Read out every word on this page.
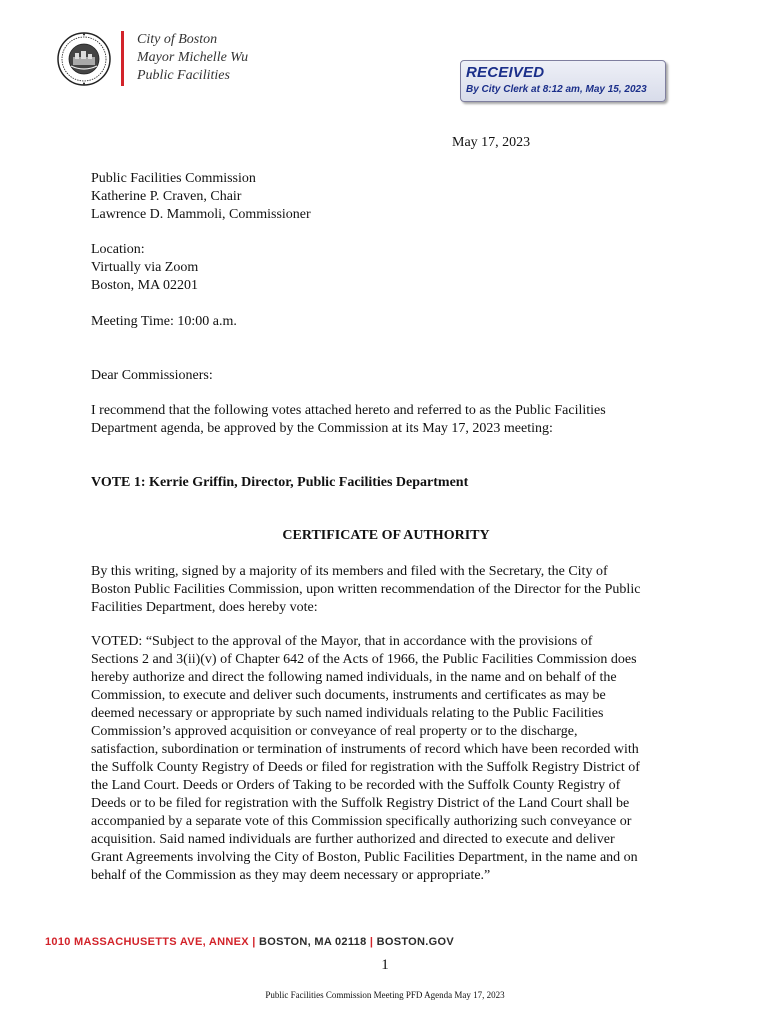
City of Boston
Mayor Michelle Wu
Public Facilities	RECEIVED
By City Clerk at 8:12 am, May 15, 2023
May 17, 2023
Public Facilities Commission
Katherine P. Craven, Chair
Lawrence D. Mammoli, Commissioner
Location:
Virtually via Zoom
Boston, MA 02201
Meeting Time: 10:00 a.m.
Dear Commissioners:
I recommend that the following votes attached hereto and referred to as the Public Facilities
Department agenda, be approved by the Commission at its May 17, 2023 meeting:
VOTE 1: Kerrie Griffin, Director, Public Facilities Department
CERTIFICATE OF AUTHORITY
By this writing, signed by a majority of its members and filed with the Secretary, the City of
Boston Public Facilities Commission, upon written recommendation of the Director for the Public
Facilities Department, does hereby vote:
VOTED: “Subject to the approval of the Mayor, that in accordance with the provisions of
Sections 2 and 3(ii)(v) of Chapter 642 of the Acts of 1966, the Public Facilities Commission does
hereby authorize and direct the following named individuals, in the name and on behalf of the
Commission, to execute and deliver such documents, instruments and certificates as may be
deemed necessary or appropriate by such named individuals relating to the Public Facilities
Commission’s approved acquisition or conveyance of real property or to the discharge,
satisfaction, subordination or termination of instruments of record which have been recorded with
the Suffolk County Registry of Deeds or filed for registration with the Suffolk Registry District of
the Land Court. Deeds or Orders of Taking to be recorded with the Suffolk County Registry of
Deeds or to be filed for registration with the Suffolk Registry District of the Land Court shall be
accompanied by a separate vote of this Commission specifically authorizing such conveyance or
acquisition. Said named individuals are further authorized and directed to execute and deliver
Grant Agreements involving the City of Boston, Public Facilities Department, in the name and on
behalf of the Commission as they may deem necessary or appropriate.”
1010 MASSACHUSETTS AVE, ANNEX | BOSTON, MA 02118 | BOSTON.GOV
1
Public Facilities Commission Meeting PFD Agenda May 17, 2023
